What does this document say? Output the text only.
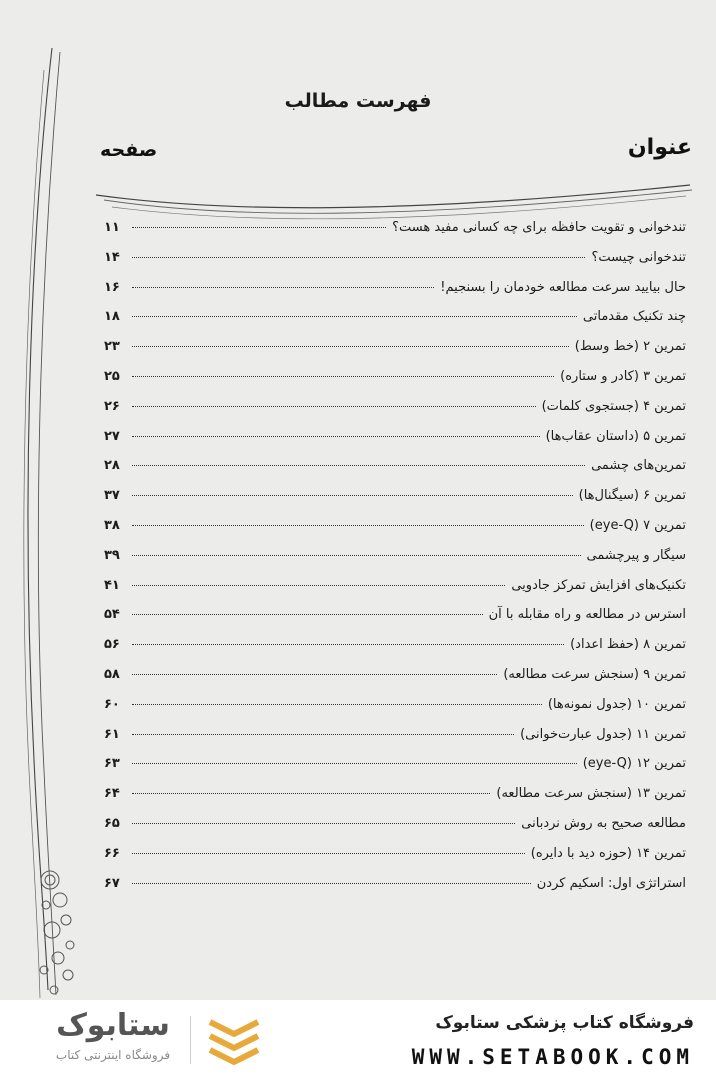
فهرست مطالب
عنوان
صفحه
تندخوانی و تقویت حافظه برای چه کسانی مفید هست؟
۱۱
تندخوانی چیست؟
۱۴
حال بیایید سرعت مطالعه خودمان را بسنجیم!
۱۶
چند تکنیک مقدماتی
۱۸
تمرین ۲ (خط وسط)
۲۳
تمرین ۳ (کادر و ستاره)
۲۵
تمرین ۴ (جستجوی کلمات)
۲۶
تمرین ۵ (داستان عقاب‌ها)
۲۷
تمرین‌های چشمی
۲۸
تمرین ۶ (سیگنال‌ها)
۳۷
تمرین ۷ (eye-Q)
۳۸
سیگار و پیرچشمی
۳۹
تکنیک‌های افزایش تمرکز جادویی
۴۱
استرس در مطالعه و راه مقابله با آن
۵۴
تمرین ۸ (حفظ اعداد)
۵۶
تمرین ۹ (سنجش سرعت مطالعه)
۵۸
تمرین ۱۰ (جدول نمونه‌ها)
۶۰
تمرین ۱۱ (جدول عبارت‌خوانی)
۶۱
تمرین ۱۲ (eye-Q)
۶۳
تمرین ۱۳ (سنجش سرعت مطالعه)
۶۴
مطالعه صحیح به روش نردبانی
۶۵
تمرین ۱۴ (حوزه دید با دایره)
۶۶
استراتژی اول: اسکیم کردن
۶۷
ستابوک
فروشگاه اینترنتی کتاب
فروشگاه کتاب پزشکی ستابوک
WWW.SETABOOK.COM
